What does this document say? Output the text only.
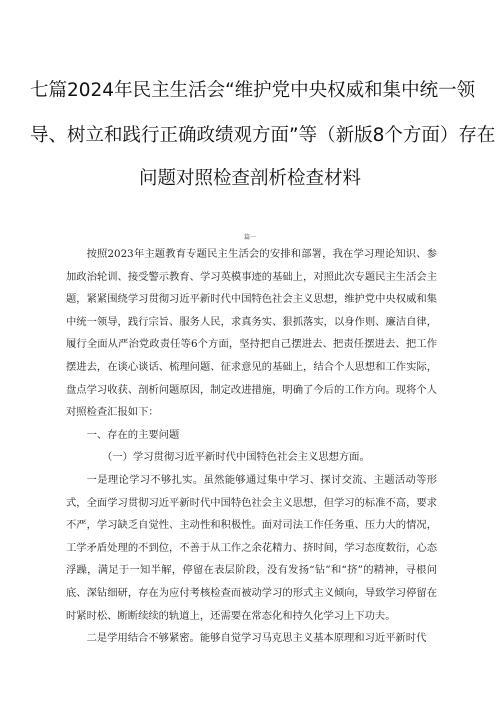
七篇2024年民主生活会“维护党中央权威和集中统一领
导、树立和践行正确政绩观方面”等（新版8个方面）存在
问题对照检查剖析检查材料
篇一

按照2023年主题教育专题民主生活会的安排和部署，我在学习理论知识、参加政治轮训、接受警示教育、学习英模事迹的基础上，对照此次专题民主生活会主题，紧紧围绕学习贯彻习近平新时代中国特色社会主义思想，维护党中央权威和集中统一领导，践行宗旨、服务人民，求真务实、狠抓落实，以身作则、廉洁自律，履行全面从严治党政责任等6个方面，坚持把自己摆进去、把责任摆进去、把工作摆进去，在谈心谈话、梳理问题、征求意见的基础上，结合个人思想和工作实际，盘点学习收获、剖析问题原因，制定改进措施，明确了今后的工作方向。现将个人对照检查汇报如下：

一、存在的主要问题

（一）学习贯彻习近平新时代中国特色社会主义思想方面。

一是理论学习不够扎实。虽然能够通过集中学习、探讨交流、主题活动等形式，全面学习贯彻习近平新时代中国特色社会主义思想，但学习的标准不高，要求不严，学习缺乏自觉性、主动性和积极性。面对司法工作任务重、压力大的情况，工学矛盾处理的不到位，不善于从工作之余花精力、挤时间，学习态度数衍，心态浮躁，满足于一知半解，停留在表层阶段，没有发扬“钻”和“挤”的精神，寻根问底、深钻细研，存在为应付考核检查而被动学习的形式主义倾向，导致学习停留在时紧时松、断断续续的轨道上，还需要在常态化和持久化学习上下功夫。

二是学用结合不够紧密。能够自觉学习马克思主义基本原理和习近平新时代
